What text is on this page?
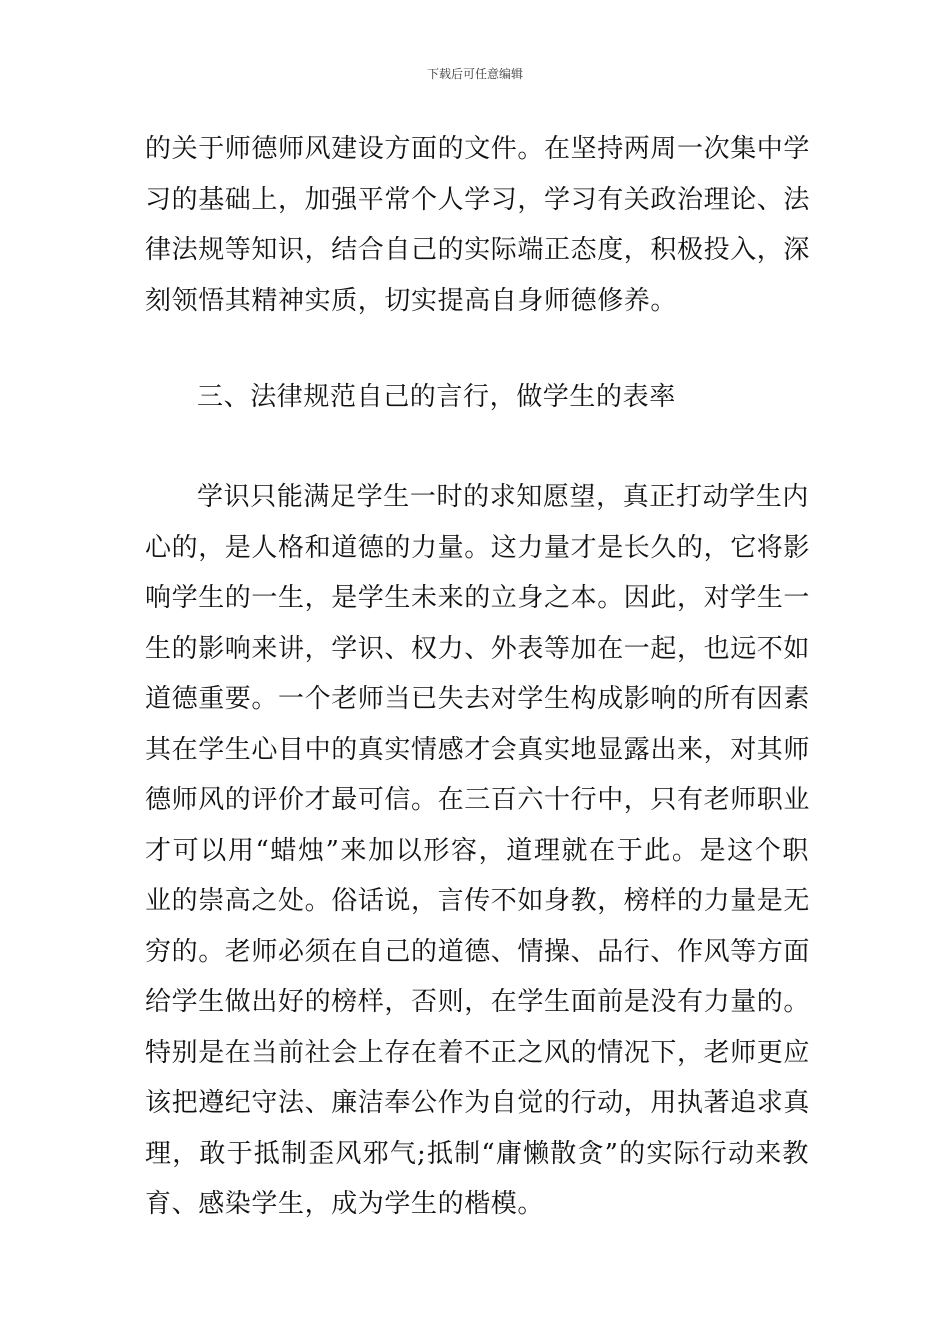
下载后可任意编辑
的关于师德师风建设方面的文件。在坚持两周一次集中学
习的基础上，加强平常个人学习，学习有关政治理论、法
律法规等知识，结合自己的实际端正态度，积极投入，深
刻领悟其精神实质，切实提高自身师德修养。
三、法律规范自己的言行，做学生的表率
学识只能满足学生一时的求知愿望，真正打动学生内
心的，是人格和道德的力量。这力量才是长久的，它将影
响学生的一生，是学生未来的立身之本。因此，对学生一
生的影响来讲，学识、权力、外表等加在一起，也远不如
道德重要。一个老师当已失去对学生构成影响的所有因素
其在学生心目中的真实情感才会真实地显露出来，对其师
德师风的评价才最可信。在三百六十行中，只有老师职业
才可以用“蜡烛”来加以形容，道理就在于此。是这个职
业的崇高之处。俗话说，言传不如身教，榜样的力量是无
穷的。老师必须在自己的道德、情操、品行、作风等方面
给学生做出好的榜样，否则，在学生面前是没有力量的。
特别是在当前社会上存在着不正之风的情况下，老师更应
该把遵纪守法、廉洁奉公作为自觉的行动，用执著追求真
理，敢于抵制歪风邪气;抵制“庸懒散贪”的实际行动来教
育、感染学生，成为学生的楷模。
